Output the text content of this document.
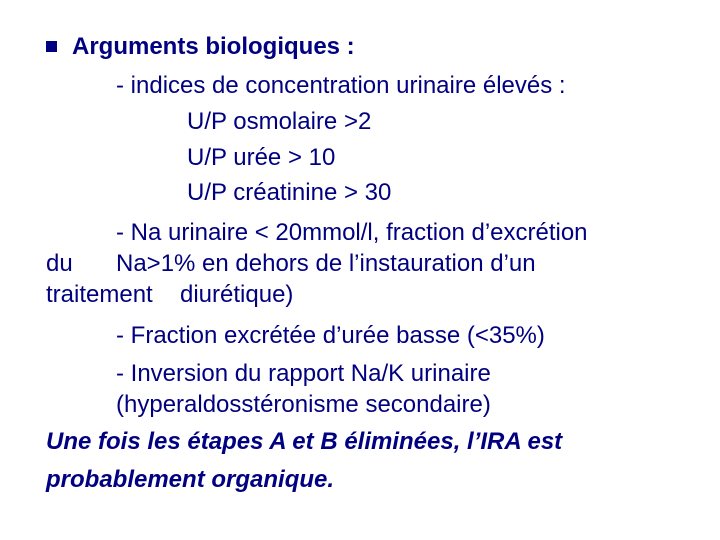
Arguments biologiques :
- indices de concentration urinaire élevés :
U/P osmolaire >2
U/P urée > 10
U/P créatinine > 30
- Na urinaire < 20mmol/l, fraction d’excrétion
du Na>1% en dehors de l’instauration d’un
traitement diurétique)
- Fraction excrétée d’urée basse (<35%)
- Inversion du rapport Na/K urinaire
(hyperaldosstéronisme secondaire)
Une fois les étapes A et B éliminées, l’IRA est
probablement organique.
